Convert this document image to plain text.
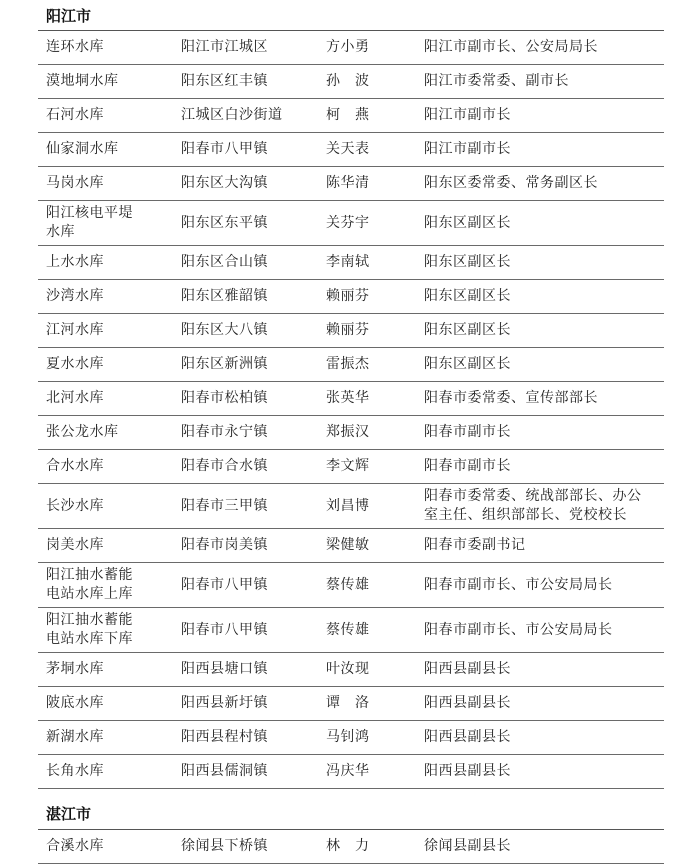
阳江市
连环水库	阳江市江城区	方小勇	阳江市副市长、公安局局长
漠地垌水库	阳东区红丰镇	孙　波	阳江市委常委、副市长
石河水库	江城区白沙街道	柯　燕	阳江市副市长
仙家洞水库	阳春市八甲镇	关天表	阳江市副市长
马岗水库	阳东区大沟镇	陈华清	阳东区委常委、常务副区长
阳江核电平堤
水库	阳东区东平镇	关芬宇	阳东区副区长
上水水库	阳东区合山镇	李南轼	阳东区副区长
沙湾水库	阳东区雅韶镇	赖丽芬	阳东区副区长
江河水库	阳东区大八镇	赖丽芬	阳东区副区长
夏水水库	阳东区新洲镇	雷振杰	阳东区副区长
北河水库	阳春市松柏镇	张英华	阳春市委常委、宣传部部长
张公龙水库	阳春市永宁镇	郑振汉	阳春市副市长
合水水库	阳春市合水镇	李文辉	阳春市副市长
长沙水库	阳春市三甲镇	刘昌博	阳春市委常委、统战部部长、办公
室主任、组织部部长、党校校长
岗美水库	阳春市岗美镇	梁健敏	阳春市委副书记
阳江抽水蓄能
电站水库上库	阳春市八甲镇	蔡传雄	阳春市副市长、市公安局局长
阳江抽水蓄能
电站水库下库	阳春市八甲镇	蔡传雄	阳春市副市长、市公安局局长
茅垌水库	阳西县塘口镇	叶汝现	阳西县副县长
陂底水库	阳西县新圩镇	谭　洛	阳西县副县长
新湖水库	阳西县程村镇	马钊鸿	阳西县副县长
长角水库	阳西县儒洞镇	冯庆华	阳西县副县长
湛江市
合溪水库	徐闻县下桥镇	林　力	徐闻县副县长
